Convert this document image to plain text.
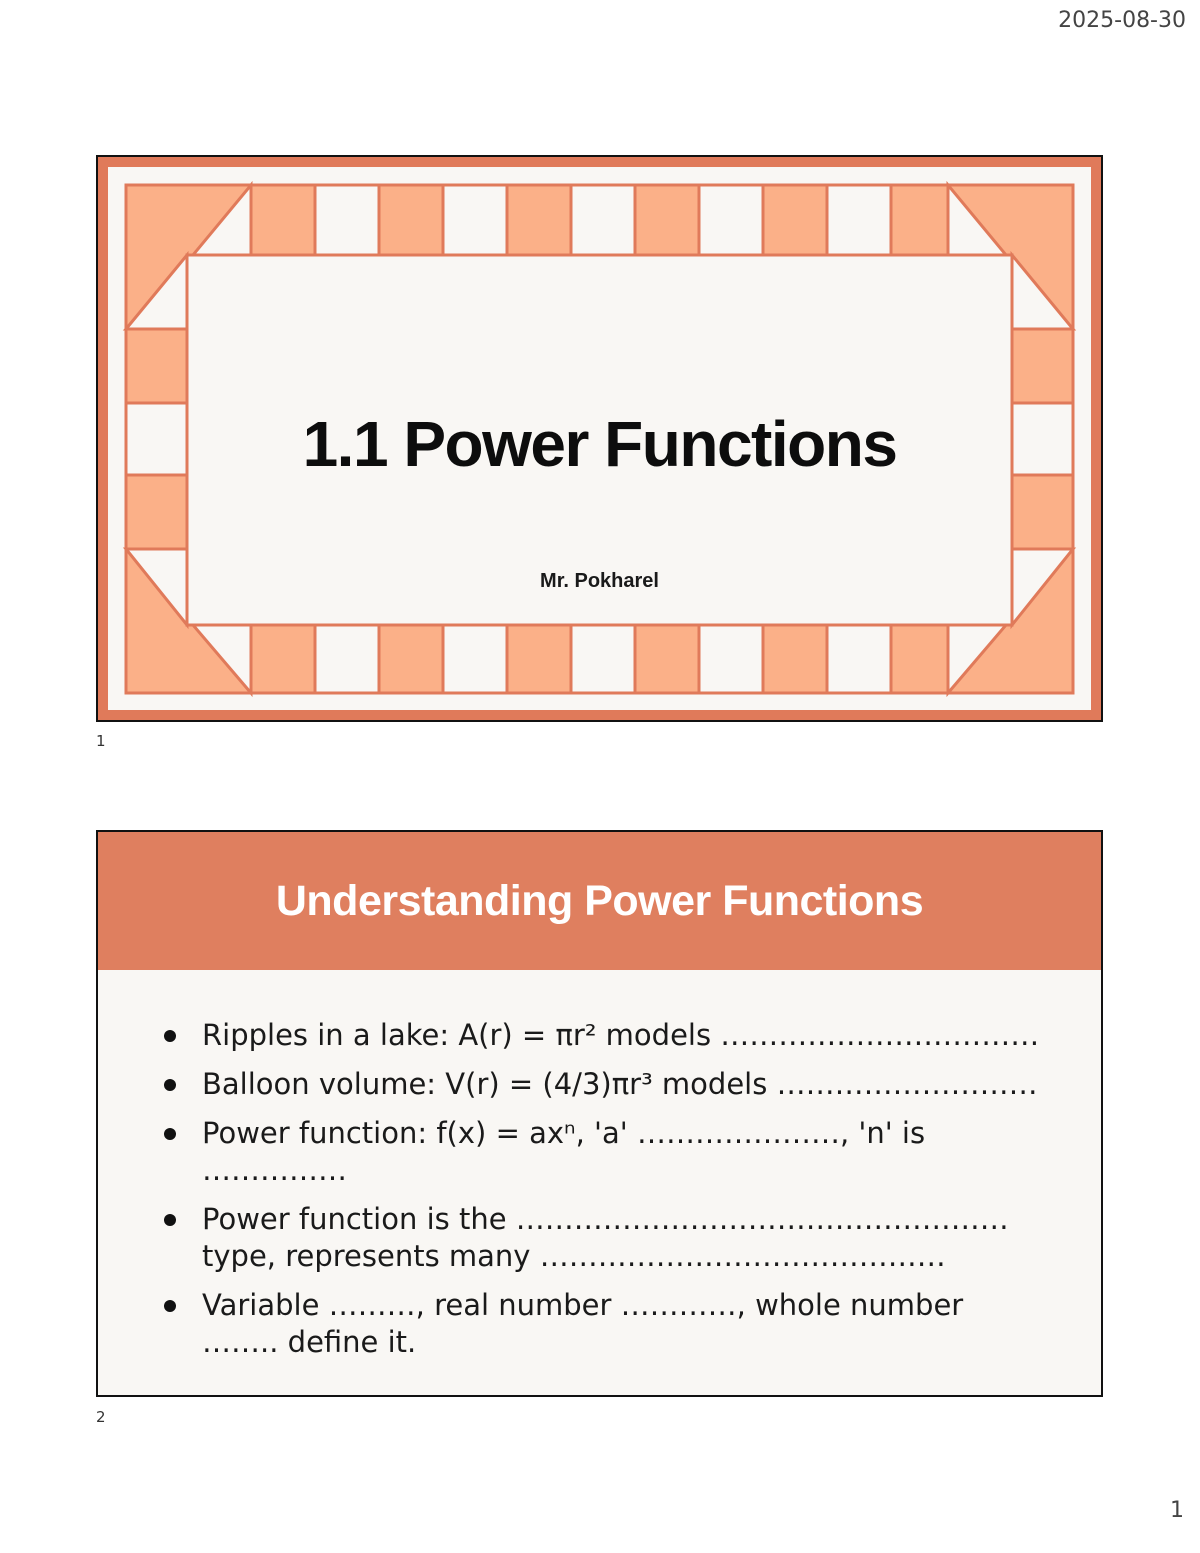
2025-08-30
1.1 Power Functions
Mr. Pokharel
1
Understanding Power Functions
Ripples in a lake: A(r) = πr² models ……………………………
Balloon volume: V(r) = (4/3)πr³ models ………………………
Power function: f(x) = axⁿ, 'a' …………………, 'n' is ……………
Power function is the …………………………………………… type, represents many ……………………………………
Variable ………, real number …………, whole number …….. define it.
2
1
